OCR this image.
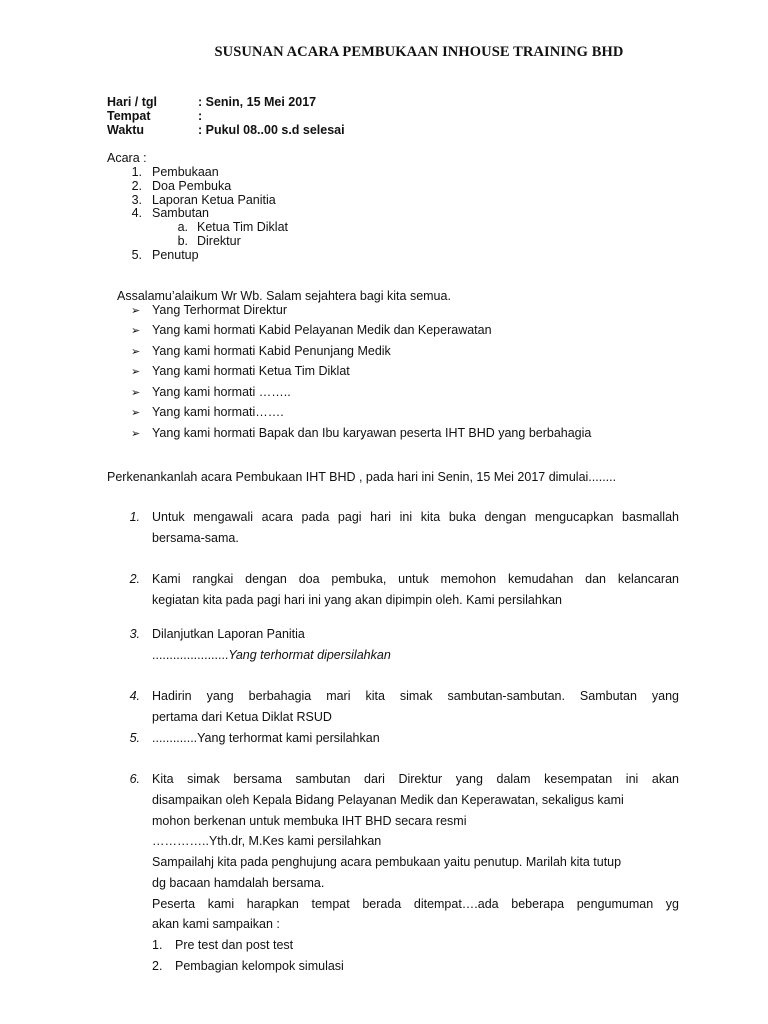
SUSUNAN ACARA PEMBUKAAN INHOUSE TRAINING BHD
Hari / tgl	: Senin, 15 Mei 2017
Tempat	:
Waktu	: Pukul 08..00 s.d selesai
Acara :
1. Pembukaan
2. Doa Pembuka
3. Laporan Ketua Panitia
4. Sambutan
a. Ketua Tim Diklat
b. Direktur
5. Penutup
Assalamu’alaikum Wr Wb. Salam sejahtera bagi kita semua.
➢ Yang Terhormat Direktur
➢ Yang kami hormati Kabid Pelayanan Medik dan Keperawatan
➢ Yang kami hormati Kabid Penunjang Medik
➢ Yang kami hormati Ketua Tim Diklat
➢ Yang kami hormati ……..
➢ Yang kami hormati…….
➢ Yang kami hormati Bapak dan Ibu karyawan peserta IHT BHD yang berbahagia
Perkenankanlah acara Pembukaan IHT BHD , pada hari ini Senin, 15 Mei 2017 dimulai........
1. Untuk mengawali acara pada pagi hari ini kita buka dengan mengucapkan basmallah
bersama-sama.
2. Kami rangkai dengan doa pembuka, untuk memohon kemudahan dan kelancaran
kegiatan kita pada pagi hari ini yang akan dipimpin oleh. Kami persilahkan
3. Dilanjutkan Laporan Panitia
......................Yang terhormat dipersilahkan
4. Hadirin yang berbahagia mari kita simak sambutan-sambutan. Sambutan yang
pertama dari Ketua Diklat RSUD
5. .............Yang terhormat kami persilahkan
6. Kita simak bersama sambutan dari Direktur yang dalam kesempatan ini akan
disampaikan oleh Kepala Bidang Pelayanan Medik dan Keperawatan, sekaligus kami
mohon berkenan untuk membuka IHT BHD secara resmi
…………..Yth.dr, M.Kes kami persilahkan
Sampailahj kita pada penghujung acara pembukaan yaitu penutup. Marilah kita tutup
dg bacaan hamdalah bersama.
Peserta kami harapkan tempat berada ditempat….ada beberapa pengumuman yg
akan kami sampaikan :
1. Pre test dan post test
2. Pembagian kelompok simulasi
